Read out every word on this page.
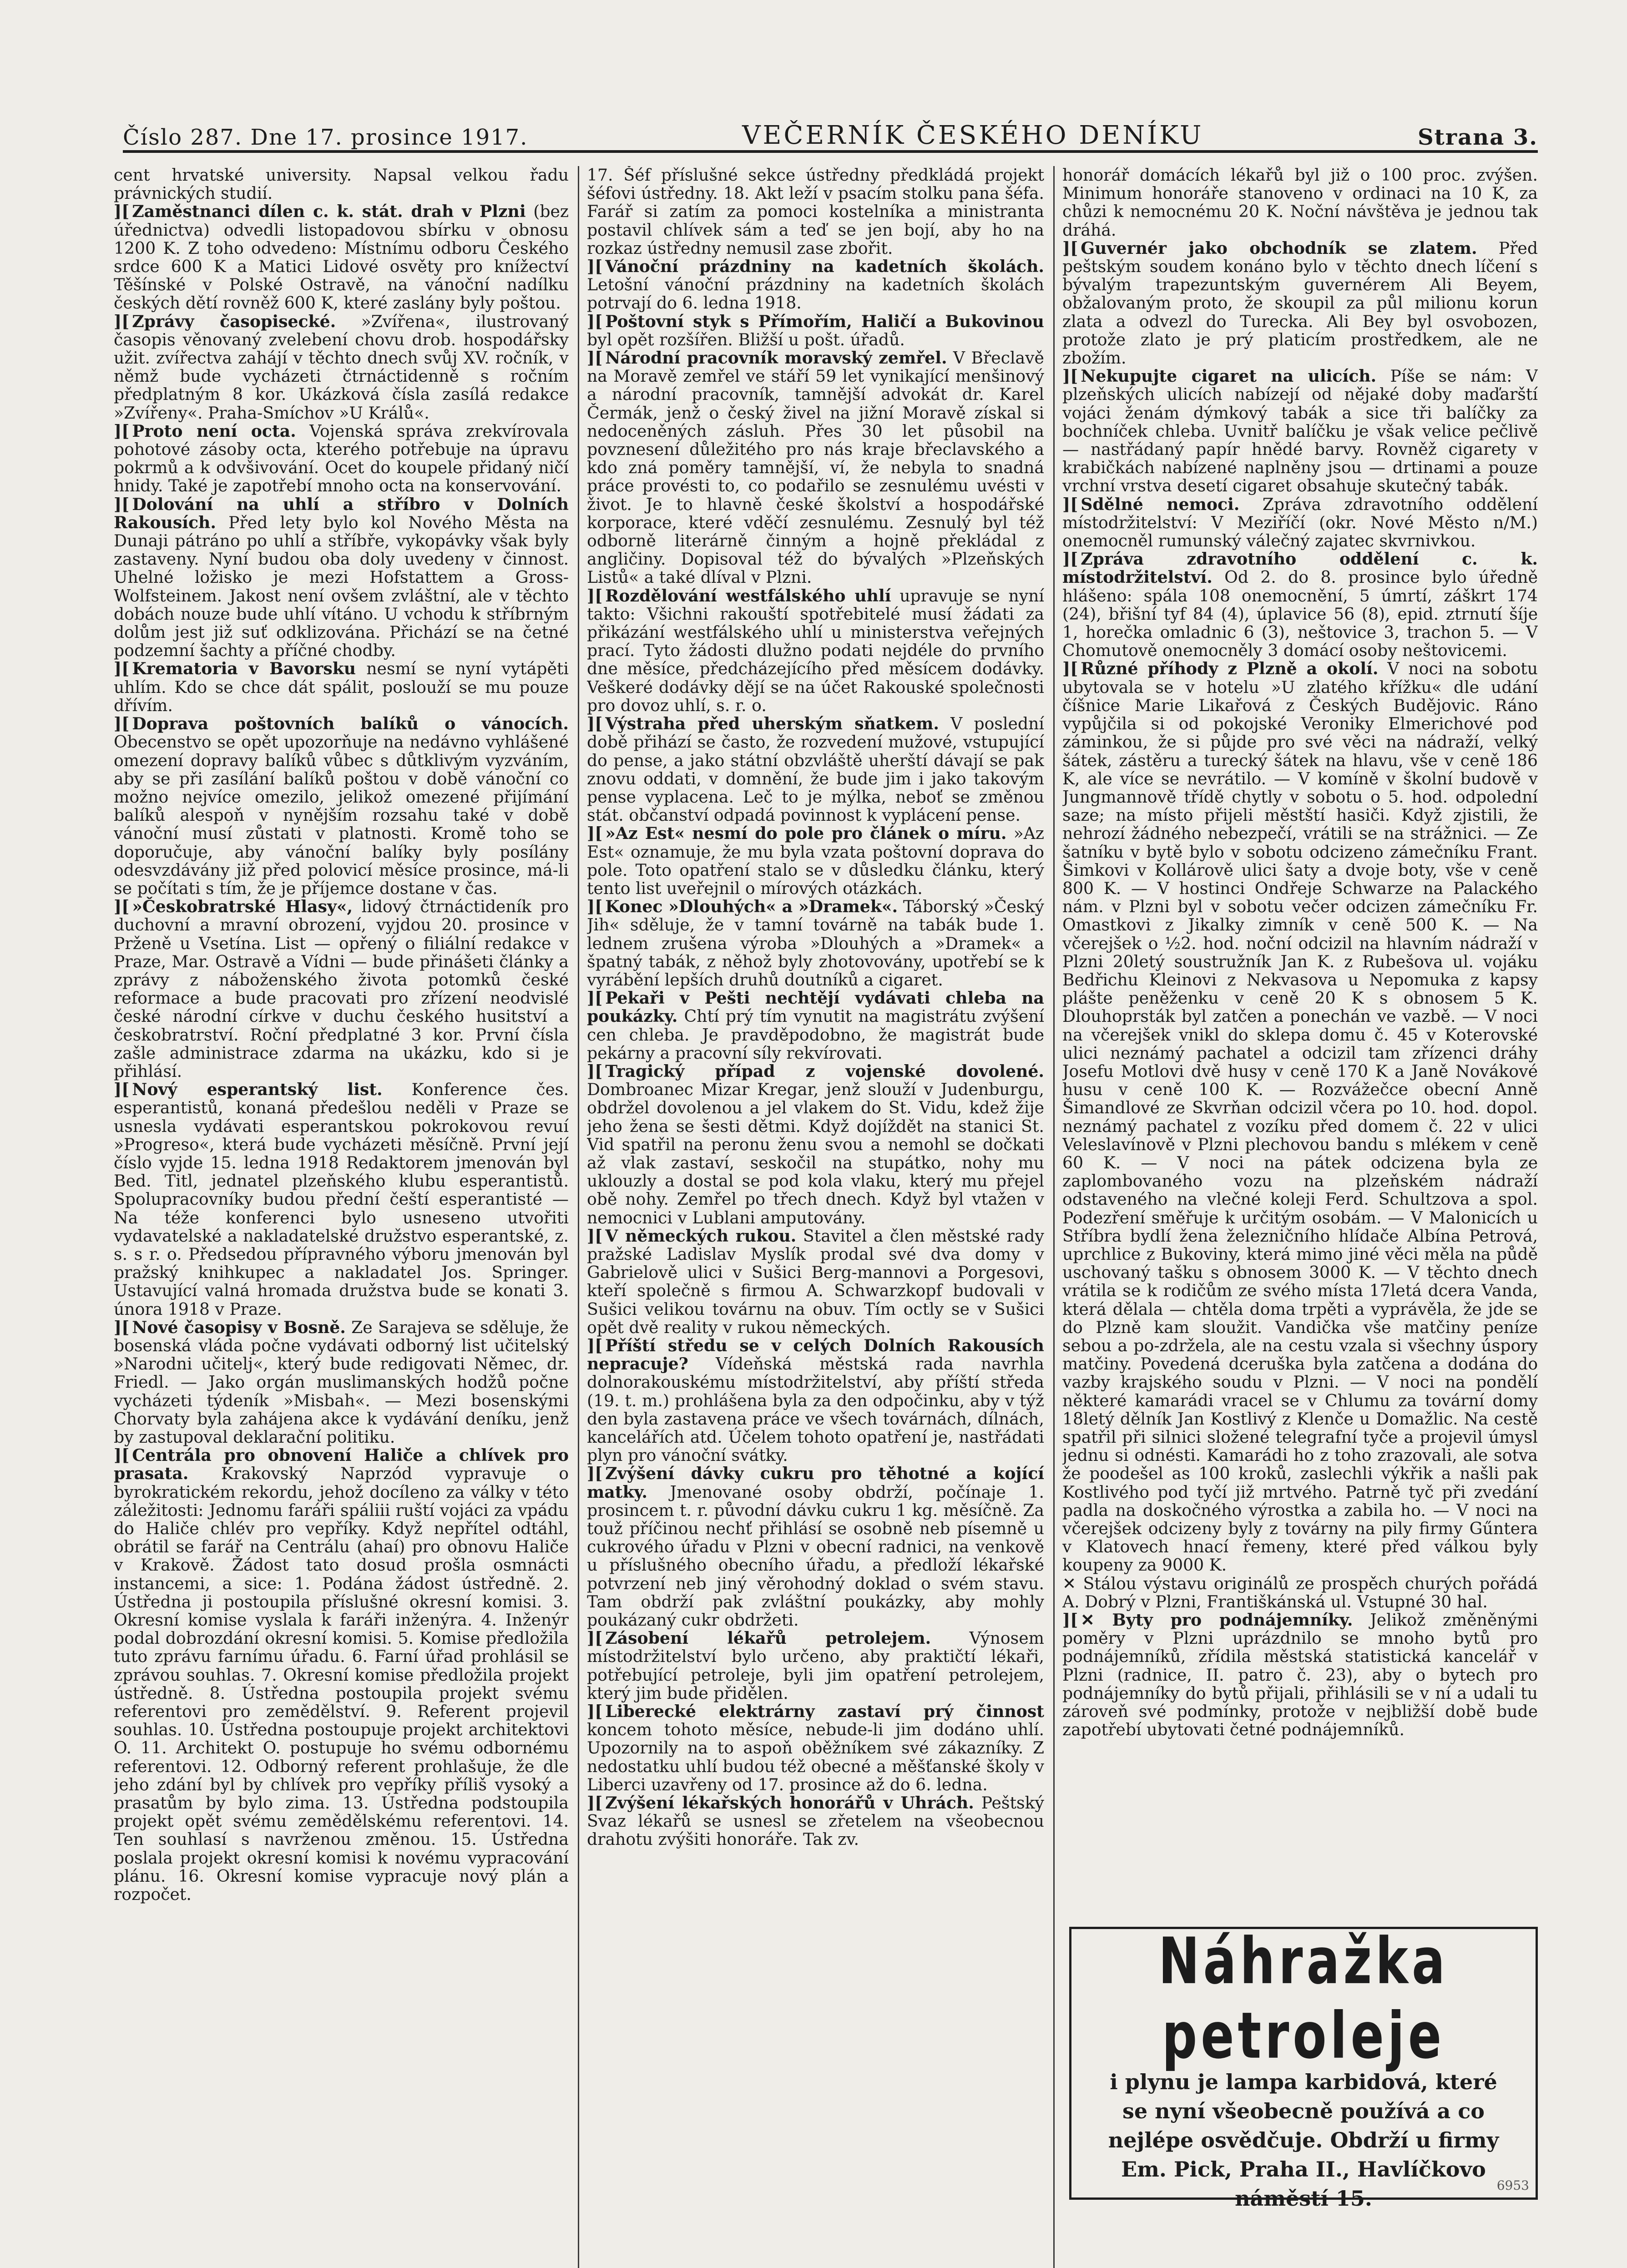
Číslo 287. Dne 17. prosince 1917.	VEČERNÍK ČESKÉHO DENÍKU	Strana 3.

cent hrvatské university. Napsal velkou řadu právnických studií.

][ Zaměstnanci dílen c. k. stát. drah v Plzni (bez úřednictva) odvedli listopadovou sbírku v obnosu 1200 K. Z toho odvedeno: Místnímu odboru Českého srdce 600 K a Matici Lidové osvěty pro knížectví Těšínské v Polské Ostravě, na vánoční nadílku českých dětí rovněž 600 K, které zaslány byly poštou.

][ Zprávy časopisecké. »Zvířena«, ilustrovaný časopis věnovaný zvelebení chovu drob. hospodářsky užit. zvířectva zahájí v těchto dnech svůj XV. ročník, v němž bude vycházeti čtrnáctidenně s ročním předplatným 8 kor. Ukázková čísla zasílá redakce »Zvířeny«. Praha-Smíchov »U Králů«.

][ Proto není octa. Vojenská správa zrekvírovala pohotové zásoby octa, kterého potřebuje na úpravu pokrmů a k odvšivování. Ocet do koupele přidaný ničí hnidy. Také je zapotřebí mnoho octa na konservování.

][ Dolování na uhlí a stříbro v Dolních Rakousích. Před lety bylo kol Nového Města na Dunaji pátráno po uhlí a stříbře, vykopávky však byly zastaveny. Nyní budou oba doly uvedeny v činnost. Uhelné ložisko je mezi Hofstattem a Gross-Wolfsteinem. Jakost není ovšem zvláštní, ale v těchto dobách nouze bude uhlí vítáno. U vchodu k stříbrným dolům jest již suť odklizována. Přichází se na četné podzemní šachty a příčné chodby.

][ Krematoria v Bavorsku nesmí se nyní vytápěti uhlím. Kdo se chce dát spálit, poslouží se mu pouze dřívím.

][ Doprava poštovních balíků o vánocích. Obecenstvo se opět upozorňuje na nedávno vyhlášené omezení dopravy balíků vůbec s důtklivým vyzváním, aby se při zasílání balíků poštou v době vánoční co možno nejvíce omezilo, jelikož omezené přijímání balíků alespoň v nynějším rozsahu také v době vánoční musí zůstati v platnosti. Kromě toho se doporučuje, aby vánoční balíky byly posílány odesvzdávány již před polovicí měsíce prosince, má-li se počítati s tím, že je příjemce dostane v čas.

][ »Českobratrské Hlasy«, lidový čtrnáctideník pro duchovní a mravní obrození, vyjdou 20. prosince v Prženě u Vsetína. List — opřený o filiální redakce v Praze, Mar. Ostravě a Vídni — bude přinášeti články a zprávy z náboženského života potomků české reformace a bude pracovati pro zřízení neodvislé české národní církve v duchu českého husitství a českobratrství. Roční předplatné 3 kor. První čísla zašle administrace zdarma na ukázku, kdo si je přihlásí.

][ Nový esperantský list. Konference čes. esperantistů, konaná předešlou neděli v Praze se usnesla vydávati esperantskou pokrokovou revuí »Progreso«, která bude vycházeti měsíčně. První její číslo vyjde 15. ledna 1918 Redaktorem jmenován byl Bed. Titl, jednatel plzeňského klubu esperantistů. Spolupracovníky budou přední čeští esperantisté — Na téže konferenci bylo usneseno utvořiti vydavatelské a nakladatelské družstvo esperantské, z. s. s r. o. Předsedou přípravného výboru jmenován byl pražský knihkupec a nakladatel Jos. Springer. Ustavující valná hromada družstva bude se konati 3. února 1918 v Praze.

][ Nové časopisy v Bosně. Ze Sarajeva se sděluje, že bosenská vláda počne vydávati odborný list učitelský »Narodni učitelj«, který bude redigovati Němec, dr. Friedl. — Jako orgán muslimanských hodžů počne vycházeti týdeník »Misbah«. — Mezi bosenskými Chorvaty byla zahájena akce k vydávání deníku, jenž by zastupoval deklarační politiku.

][ Centrála pro obnovení Haliče a chlívek pro prasata. Krakovský Naprzód vypravuje o byrokratickém rekordu, jehož docíleno za války v této záležitosti: Jednomu faráři spáliii ruští vojáci za vpádu do Haliče chlév pro vepříky. Když nepřítel odtáhl, obrátil se farář na Centrálu (ahaí) pro obnovu Haliče v Krakově. Žádost tato dosud prošla osmnácti instancemi, a sice: 1. Podána žádost ústředně. 2. Ústředna ji postoupila příslušné okresní komisi. 3. Okresní komise vyslala k faráři inženýra. 4. Inženýr podal dobrozdání okresní komisi. 5. Komise předložila tuto zprávu farnímu úřadu. 6. Farní úřad prohlásil se zprávou souhlas. 7. Okresní komise předložila projekt ústředně. 8. Ústředna postoupila projekt svému referentovi pro zemědělství. 9. Referent projevil souhlas. 10. Ústředna postoupuje projekt architektovi O. 11. Architekt O. postupuje ho svému odbornému referentovi. 12. Odborný referent prohlašuje, že dle jeho zdání byl by chlívek pro vepříky příliš vysoký a prasatům by bylo zima. 13. Ústředna podstoupila projekt opět svému zemědělskému referentovi. 14. Ten souhlasí s navrženou změnou. 15. Ústředna poslala projekt okresní komisi k novému vypracování plánu. 16. Okresní komise vypracuje nový plán a rozpočet.

17. Šéf příslušné sekce ústředny předkládá projekt šéfovi ústředny. 18. Akt leží v psacím stolku pana šéfa. Farář si zatím za pomoci kostelníka a ministranta postavil chlívek sám a teď se jen bojí, aby ho na rozkaz ústředny nemusil zase zbořit.

][ Vánoční prázdniny na kadetních školách. Letošní vánoční prázdniny na kadetních školách potrvají do 6. ledna 1918.

][ Poštovní styk s Přímořím, Haličí a Bukovinou byl opět rozšířen. Bližší u pošt. úřadů.

][ Národní pracovník moravský zemřel. V Břeclavě na Moravě zemřel ve stáří 59 let vynikající menšinový a národní pracovník, tamnější advokát dr. Karel Čermák, jenž o český živel na jižní Moravě získal si nedoceněných zásluh. Přes 30 let působil na povznesení důležitého pro nás kraje břeclavského a kdo zná poměry tamnější, ví, že nebyla to snadná práce provésti to, co podařilo se zesnulému uvésti v život. Je to hlavně české školství a hospodářské korporace, které vděčí zesnulému. Zesnulý byl též odborně literárně činným a hojně překládal z angličiny. Dopisoval též do bývalých »Plzeňských Listů« a také dlíval v Plzni.

][ Rozdělování westfálského uhlí upravuje se nyní takto: Všichni rakouští spotřebitelé musí žádati za přikázání westfálského uhlí u ministerstva veřejných prací. Tyto žádosti dlužno podati nejdéle do prvního dne měsíce, předcházejícího před měsícem dodávky. Veškeré dodávky dějí se na účet Rakouské společnosti pro dovoz uhlí, s. r. o.

][ Výstraha před uherským sňatkem. V poslední době přihází se často, že rozvedení mužové, vstupující do pense, a jako státní obzvláště uherští dávají se pak znovu oddati, v domnění, že bude jim i jako takovým pense vyplacena. Leč to je mýlka, neboť se změnou stát. občanství odpadá povinnost k vyplácení pense.

][ »Az Est« nesmí do pole pro článek o míru. »Az Est« oznamuje, že mu byla vzata poštovní doprava do pole. Toto opatření stalo se v důsledku článku, který tento list uveřejnil o mírových otázkách.

][ Konec »Dlouhých« a »Dramek«. Táborský »Český Jih« sděluje, že v tamní továrně na tabák bude 1. lednem zrušena výroba »Dlouhých a »Dramek« a špatný tabák, z něhož byly zhotovovány, upotřebí se k vyrábění lepších druhů doutníků a cigaret.

][ Pekaři v Pešti nechtějí vydávati chleba na poukázky. Chtí prý tím vynutit na magistrátu zvýšení cen chleba. Je pravděpodobno, že magistrát bude pekárny a pracovní síly rekvírovati.

][ Tragický případ z vojenské dovolené. Dombroanec Mizar Kregar, jenž slouží v Judenburgu, obdržel dovolenou a jel vlakem do St. Vidu, kdež žije jeho žena se šesti dětmi. Když dojíždět na stanici St. Vid spatřil na peronu ženu svou a nemohl se dočkati až vlak zastaví, seskočil na stupátko, nohy mu uklouzly a dostal se pod kola vlaku, který mu přejel obě nohy. Zemřel po třech dnech. Když byl vtažen v nemocnici v Lublani amputovány.

][ V německých rukou. Stavitel a člen městské rady pražské Ladislav Myslík prodal své dva domy v Gabrielově ulici v Sušici Berg-mannovi a Porgesovi, kteří společně s firmou A. Schwarzkopf budovali v Sušici velikou továrnu na obuv. Tím octly se v Sušici opět dvě reality v rukou německých.

][ Příští středu se v celých Dolních Rakousích nepracuje? Vídeňská městská rada navrhla dolnorakouskému místodržitelství, aby příští středa (19. t. m.) prohlášena byla za den odpočinku, aby v týž den byla zastavena práce ve všech továrnách, dílnách, kancelářích atd. Účelem tohoto opatření je, nastřádati plyn pro vánoční svátky.

][ Zvýšení dávky cukru pro těhotné a kojící matky. Jmenované osoby obdrží, počínaje 1. prosincem t. r. původní dávku cukru 1 kg. měsíčně. Za touž příčinou nechť přihlásí se osobně neb písemně u cukrového úřadu v Plzni v obecní radnici, na venkově u příslušného obecního úřadu, a předloží lékařské potvrzení neb jiný věrohodný doklad o svém stavu. Tam obdrží pak zvláštní poukázky, aby mohly poukázaný cukr obdržeti.

][ Zásobení lékařů petrolejem. Výnosem místodržitelství bylo určeno, aby praktičtí lékaři, potřebující petroleje, byli jim opatření petrolejem, který jim bude přidělen.

][ Liberecké elektrárny zastaví prý činnost koncem tohoto měsíce, nebude-li jim dodáno uhlí. Upozornily na to aspoň oběžníkem své zákazníky. Z nedostatku uhlí budou též obecné a měšťanské školy v Liberci uzavřeny od 17. prosince až do 6. ledna.

][ Zvýšení lékařských honorářů v Uhrách. Peštský Svaz lékařů se usnesl se zřetelem na všeobecnou drahotu zvýšiti honoráře. Tak zv.

honorář domácích lékařů byl již o 100 proc. zvýšen. Minimum honoráře stanoveno v ordinaci na 10 K, za chůzi k nemocnému 20 K. Noční návštěva je jednou tak dráhá.

][ Guvernér jako obchodník se zlatem. Před peštským soudem konáno bylo v těchto dnech líčení s bývalým trapezuntským guvernérem Ali Beyem, obžalovaným proto, že skoupil za půl milionu korun zlata a odvezl do Turecka. Ali Bey byl osvobozen, protože zlato je prý platicím prostředkem, ale ne zbožím.

][ Nekupujte cigaret na ulicích. Píše se nám: V plzeňských ulicích nabízejí od nějaké doby maďarští vojáci ženám dýmkový tabák a sice tři balíčky za bochníček chleba. Uvnitř balíčku je však velice pečlivě — nastřádaný papír hnědé barvy. Rovněž cigarety v krabičkách nabízené naplněny jsou — drtinami a pouze vrchní vrstva desetí cigaret obsahuje skutečný tabák.

][ Sdělné nemoci. Zpráva zdravotního oddělení místodržitelství: V Meziříčí (okr. Nové Město n/M.) onemocněl rumunský válečný zajatec skvrnivkou.

][ Zpráva zdravotního oddělení c. k. místodržitelství. Od 2. do 8. prosince bylo úředně hlášeno: spála 108 onemocnění, 5 úmrtí, záškrt 174 (24), břišní tyf 84 (4), úplavice 56 (8), epid. ztrnutí šíje 1, horečka omladnic 6 (3), neštovice 3, trachon 5. — V Chomutově onemocněly 3 domácí osoby neštovicemi.

][ Různé příhody z Plzně a okolí. V noci na sobotu ubytovala se v hotelu »U zlatého křížku« dle udání číšnice Marie Likařová z Českých Budějovic. Ráno vypůjčila si od pokojské Veroniky Elmerichové pod záminkou, že si půjde pro své věci na nádraží, velký šátek, zástěru a turecký šátek na hlavu, vše v ceně 186 K, ale více se nevrátilo. — V komíně v školní budově v Jungmannově třídě chytly v sobotu o 5. hod. odpolední saze; na místo přijeli městští hasiči. Když zjistili, že nehrozí žádného nebezpečí, vrátili se na strážnici. — Ze šatníku v bytě bylo v sobotu odcizeno zámečníku Frant. Šimkovi v Kollárově ulici šaty a dvoje boty, vše v ceně 800 K. — V hostinci Ondřeje Schwarze na Palackého nám. v Plzni byl v sobotu večer odcizen zámečníku Fr. Omastkovi z Jikalky zimník v ceně 500 K. — Na včerejšek o ½2. hod. noční odcizil na hlavním nádraží v Plzni 20letý soustružník Jan K. z Rubešova ul. vojáku Bedřichu Kleinovi z Nekvasova u Nepomuka z kapsy plášte peněženku v ceně 20 K s obnosem 5 K. Dlouhoprsták byl zatčen a ponechán ve vazbě. — V noci na včerejšek vnikl do sklepa domu č. 45 v Koterovské ulici neznámý pachatel a odcizil tam zřízenci dráhy Josefu Motlovi dvě husy v ceně 170 K a Janě Novákové husu v ceně 100 K. — Rozvážečce obecní Anně Šimandlové ze Skvrňan odcizil včera po 10. hod. dopol. neznámý pachatel z vozíku před domem č. 22 v ulici Veleslavínově v Plzni plechovou bandu s mlékem v ceně 60 K. — V noci na pátek odcizena byla ze zaplombovaného vozu na plzeňském nádraží odstaveného na vlečné koleji Ferd. Schultzova a spol. Podezření směřuje k určitým osobám. — V Malonicích u Stříbra bydlí žena železničního hlídače Albína Petrová, uprchlice z Bukoviny, která mimo jiné věci měla na půdě uschovaný tašku s obnosem 3000 K. — V těchto dnech vrátila se k rodičům ze svého místa 17letá dcera Vanda, která dělala — chtěla doma trpěti a vyprávěla, že jde se do Plzně kam sloužit. Vandička vše matčiny peníze sebou a po-zdržela, ale na cestu vzala si všechny úspory matčiny. Povedená dceruška byla zatčena a dodána do vazby krajského soudu v Plzni. — V noci na pondělí některé kamarádi vracel se v Chlumu za tovární domy 18letý dělník Jan Kostlivý z Klenče u Domažlic. Na cestě spatřil při silnici složené telegrafní tyče a projevil úmysl jednu si odnésti. Kamarádi ho z toho zrazovali, ale sotva že poodešel as 100 kroků, zaslechli výkřik a našli pak Kostlivého pod tyčí již mrtvého. Patrně tyč při zvedání padla na doskočného výrostka a zabila ho. — V noci na včerejšek odcizeny byly z továrny na pily firmy Gűntera v Klatovech hnací řemeny, které před válkou byly koupeny za 9000 K.

✕ Stálou výstavu originálů ze prospěch churých pořádá A. Dobrý v Plzni, Františkánská ul. Vstupné 30 hal.

][ ✕ Byty pro podnájemníky. Jelikož změněnými poměry v Plzni uprázdnilo se mnoho bytů pro podnájemníků, zřídila městská statistická kancelář v Plzni (radnice, II. patro č. 23), aby o bytech pro podnájemníky do bytů přijali, přihlásili se v ní a udali tu zároveň své podmínky, protože v nejbližší době bude zapotřebí ubytovati četné podnájemníků.

Náhražka petroleje
i plynu je lampa karbidová, které
se nyní všeobecně používá a co
nejlépe osvědčuje. Obdrží u firmy
Em. Pick, Praha II., Havlíčkovo
náměstí 15.
6953
